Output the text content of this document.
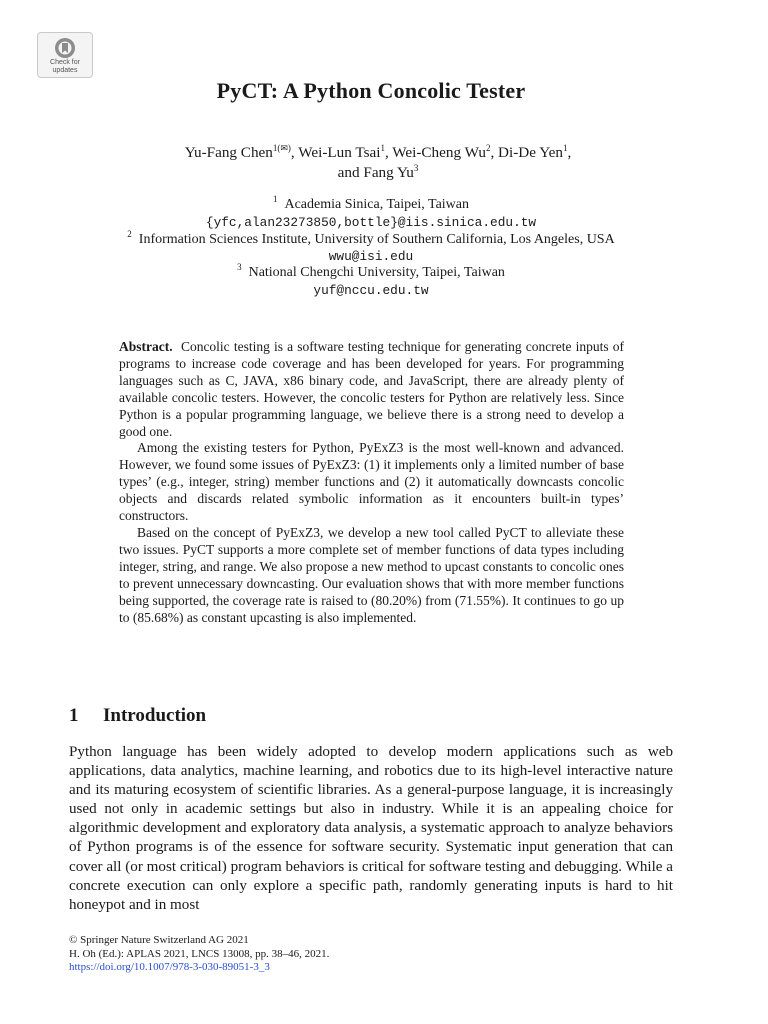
Check for
updates
PyCT: A Python Concolic Tester
Yu-Fang Chen$^{1(✉)}$, Wei-Lun Tsai$^1$, Wei-Cheng Wu$^2$, Di-De Yen$^1$,
and Fang Yu$^3$
$^1$ Academia Sinica, Taipei, Taiwan
{yfc,alan23273850,bottle}@iis.sinica.edu.tw
$^2$ Information Sciences Institute, University of Southern California, Los Angeles, USA
wwu@isi.edu
$^3$ National Chengchi University, Taipei, Taiwan
yuf@nccu.edu.tw

Abstract. Concolic testing is a software testing technique for generating concrete inputs of programs to increase code coverage and has been developed for years. For programming languages such as C, JAVA, x86 binary code, and JavaScript, there are already plenty of available concolic testers. However, the concolic testers for Python are relatively less. Since Python is a popular programming language, we believe there is a strong need to develop a good one.

Among the existing testers for Python, PyExZ3 is the most well-known and advanced. However, we found some issues of PyExZ3: (1) it implements only a limited number of base types’ (e.g., integer, string) member functions and (2) it automatically downcasts concolic objects and discards related symbolic information as it encounters built-in types’ constructors.

Based on the concept of PyExZ3, we develop a new tool called PyCT to alleviate these two issues. PyCT supports a more complete set of member functions of data types including integer, string, and range. We also propose a new method to upcast constants to concolic ones to prevent unnecessary downcasting. Our evaluation shows that with more member functions being supported, the coverage rate is raised to (80.20%) from (71.55%). It continues to go up to (85.68%) as constant upcasting is also implemented.

1 Introduction

Python language has been widely adopted to develop modern applications such as web applications, data analytics, machine learning, and robotics due to its high-level interactive nature and its maturing ecosystem of scientific libraries. As a general-purpose language, it is increasingly used not only in academic settings but also in industry. While it is an appealing choice for algorithmic development and exploratory data analysis, a systematic approach to analyze behaviors of Python programs is of the essence for software security. Systematic input generation that can cover all (or most critical) program behaviors is critical for software testing and debugging. While a concrete execution can only explore a specific path, randomly generating inputs is hard to hit honeypot and in most

© Springer Nature Switzerland AG 2021
H. Oh (Ed.): APLAS 2021, LNCS 13008, pp. 38–46, 2021.
https://doi.org/10.1007/978-3-030-89051-3_3
